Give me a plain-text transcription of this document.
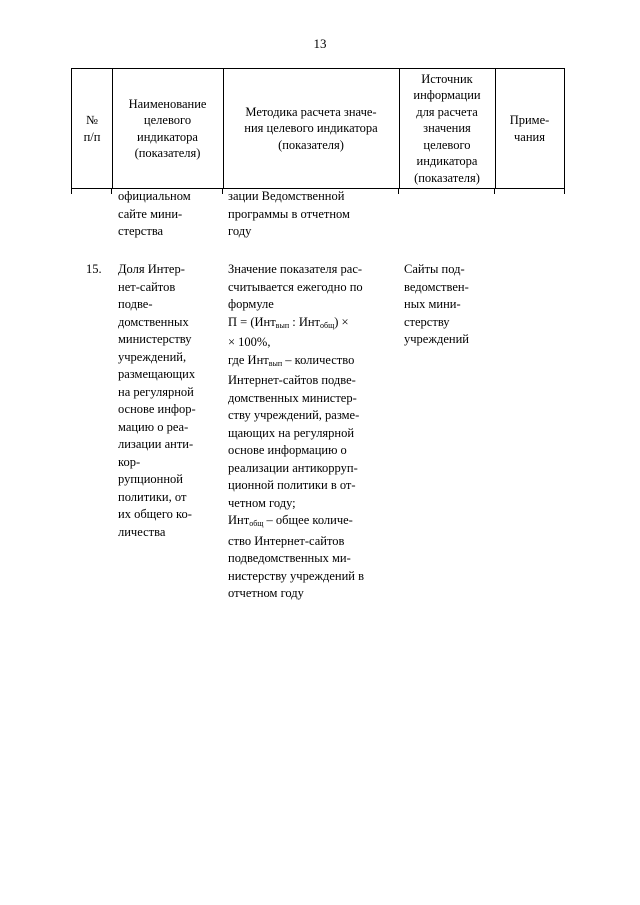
13
№
п/п
Наименование
целевого
индикатора
(показателя)
Методика расчета значе-
ния целевого индикатора
(показателя)
Источник
информации
для расчета
значения
целевого
индикатора
(показателя)
Приме-
чания
официальном
сайте мини-
стерства
зации Ведомственной
программы в отчетном
году
15.	Доля Интер-
нет-сайтов
подве-
домственных
министерству
учреждений,
размещающих
на регулярной
основе инфор-
мацию о реа-
лизации анти-
кор-
рупционной
политики, от
их общего ко-
личества
Значение показателя рас-
считывается ежегодно по
формуле
П = (Инт$_{вып}$ : Инт$_{общ}$) ×
× 100%,
где Инт$_{вып}$ – количество
Интернет-сайтов подве-
домственных министер-
ству учреждений, разме-
щающих на регулярной
основе информацию о
реализации антикорруп-
ционной политики в от-
четном году;
Инт$_{общ}$ – общее количе-
ство Интернет-сайтов
подведомственных ми-
нистерству учреждений в
отчетном году
Сайты под-
ведомствен-
ных мини-
стерству
учреждений
